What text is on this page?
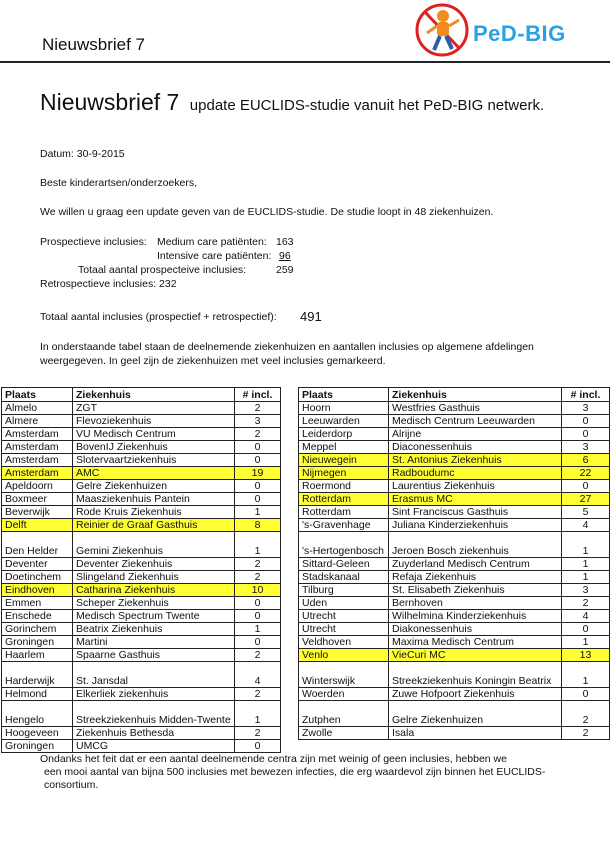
Nieuwsbrief 7	PeD-BIG
Nieuwsbrief 7 update EUCLIDS-studie vanuit het PeD-BIG netwerk.
Datum: 30-9-2015
Beste kinderartsen/onderzoekers,
We willen u graag een update geven van de EUCLIDS-studie. De studie loopt in 48 ziekenhuizen.
Prospectieve inclusies: Medium care patiënten: 163
Intensive care patiënten: 96
Totaal aantal prospecteive inclusies:	259
Retrospectieve inclusies: 232
Totaal aantal inclusies (prospectief + retrospectief): 491
In onderstaande tabel staan de deelnemende ziekenhuizen en aantallen inclusies op algemene afdelingen
weergegeven. In geel zijn de ziekenhuizen met veel inclusies gemarkeerd.
Plaats	Ziekenhuis	# incl.
Almelo	ZGT	2
Almere	Flevoziekenhuis	3
Amsterdam	VU Medisch Centrum	2
Amsterdam	BovenIJ Ziekenhuis	0
Amsterdam	Slotervaartziekenhuis	0
Amsterdam	AMC	19
Apeldoorn	Gelre Ziekenhuizen	0
Boxmeer	Maasziekenhuis Pantein	0
Beverwijk	Rode Kruis Ziekenhuis	1
Delft	Reinier de Graaf Gasthuis	8
Den Helder	Gemini Ziekenhuis	1
Deventer	Deventer Ziekenhuis	2
Doetinchem	Slingeland Ziekenhuis	2
Eindhoven	Catharina Ziekenhuis	10
Emmen	Scheper Ziekenhuis	0
Enschede	Medisch Spectrum Twente	0
Gorinchem	Beatrix Ziekenhuis	1
Groningen	Martini	0
Haarlem	Spaarne Gasthuis	2
Harderwijk	St. Jansdal	4
Helmond	Elkerliek ziekenhuis	2
Hengelo	Streekziekenhuis Midden-Twente	1
Hoogeveen	Ziekenhuis Bethesda	2
Groningen	UMCG	0
Plaats	Ziekenhuis	# incl.
Hoorn	Westfries Gasthuis	3
Leeuwarden	Medisch Centrum Leeuwarden	0
Leiderdorp	Alrijne	0
Meppel	Diaconessenhuis	3
Nieuwegein	St. Antonius Ziekenhuis	6
Nijmegen	Radboudumc	22
Roermond	Laurentius Ziekenhuis	0
Rotterdam	Erasmus MC	27
Rotterdam	Sint Franciscus Gasthuis	5
's-Gravenhage	Juliana Kinderziekenhuis	4
's-Hertogenbosch	Jeroen Bosch ziekenhuis	1
Sittard-Geleen	Zuyderland Medisch Centrum	1
Stadskanaal	Refaja Ziekenhuis	1
Tilburg	St. Elisabeth Ziekenhuis	3
Uden	Bernhoven	2
Utrecht	Wilhelmina Kinderziekenhuis	4
Utrecht	Diakonessenhuis	0
Veldhoven	Maxima Medisch Centrum	1
Venlo	VieCuri MC	13
Winterswijk	Streekziekenhuis Koningin Beatrix	1
Woerden	Zuwe Hofpoort Ziekenhuis	0
Zutphen	Gelre Ziekenhuizen	2
Zwolle	Isala	2
Ondanks het feit dat er een aantal deelnemende centra zijn met weinig of geen inclusies, hebben we
een mooi aantal van bijna 500 inclusies met bewezen infecties, die erg waardevol zijn binnen het EUCLIDS-
consortium.
